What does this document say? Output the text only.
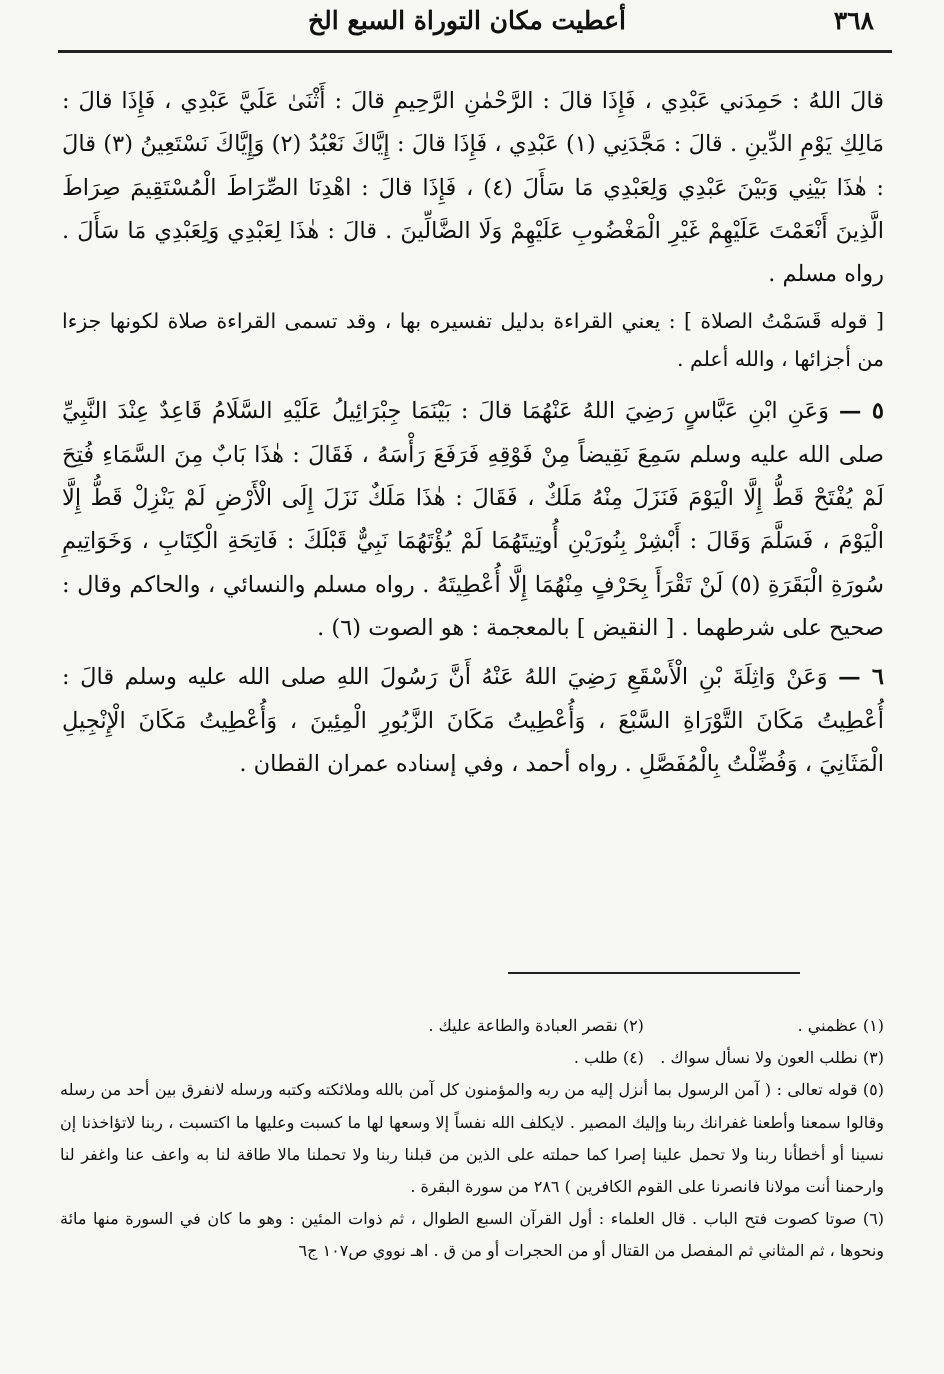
٣٦٨
أعطيت مكان التوراة السبع الخ

قالَ اللهُ : حَمِدَني عَبْدِي ، فَإِذَا قالَ : الرَّحْمٰنِ الرَّحِيمِ قالَ : أَثْنَىٰ عَلَيَّ عَبْدِي ، فَإِذَا قالَ : مَالِكِ يَوْمِ الدِّينِ . قالَ : مَجَّدَنِي (١) عَبْدِي ، فَإِذَا قالَ : إِيَّاكَ نَعْبُدُ (٢) وَإِيَّاكَ نَسْتَعِينُ (٣) قالَ : هٰذَا بَيْنِي وَبَيْنَ عَبْدِي وَلِعَبْدِي مَا سَأَلَ (٤) ، فَإِذَا قالَ : اهْدِنَا الصِّرَاطَ الْمُسْتَقِيمَ صِرَاطَ الَّذِينَ أَنْعَمْتَ عَلَيْهِمْ غَيْرِ الْمَغْضُوبِ عَلَيْهِمْ وَلَا الضَّالِّينَ . قالَ : هٰذَا لِعَبْدِي وَلِعَبْدِي مَا سَأَلَ . رواه مسلم .

[ قوله قَسَمْتُ الصلاة ] : يعني القراءة بدليل تفسيره بها ، وقد تسمى القراءة صلاة لكونها جزءا من أجزائها ، والله أعلم .

٥ — وَعَنِ ابْنِ عَبَّاسٍ رَضِيَ اللهُ عَنْهُمَا قالَ : بَيْنَمَا جِبْرَائِيلُ عَلَيْهِ السَّلَامُ قَاعِدٌ عِنْدَ النَّبِيِّ صلى الله عليه وسلم سَمِعَ نَقِيضاً مِنْ فَوْقِهِ فَرَفَعَ رَأْسَهُ ، فَقَالَ : هٰذَا بَابٌ مِنَ السَّمَاءِ فُتِحَ لَمْ يُفْتَحْ قَطُّ إِلَّا الْيَوْمَ فَنَزَلَ مِنْهُ مَلَكٌ ، فَقَالَ : هٰذَا مَلَكٌ نَزَلَ إِلَى الْأَرْضِ لَمْ يَنْزِلْ قَطُّ إِلَّا الْيَوْمَ ، فَسَلَّمَ وَقَالَ : أَبْشِرْ بِنُورَيْنِ أُوتِيتَهُمَا لَمْ يُؤْتَهُمَا نَبِيٌّ قَبْلَكَ : فَاتِحَةِ الْكِتَابِ ، وَخَوَاتِيمِ سُورَةِ الْبَقَرَةِ (٥) لَنْ تَقْرَأَ بِحَرْفٍ مِنْهُمَا إِلَّا أُعْطِيتَهُ . رواه مسلم والنسائي ، والحاكم وقال : صحيح على شرطهما . [ النقيض ] بالمعجمة : هو الصوت (٦) .

٦ — وَعَنْ وَاثِلَةَ بْنِ الْأَسْقَعِ رَضِيَ اللهُ عَنْهُ أَنَّ رَسُولَ اللهِ صلى الله عليه وسلم قالَ : أُعْطِيتُ مَكَانَ التَّوْرَاةِ السَّبْعَ ، وَأُعْطِيتُ مَكَانَ الزَّبُورِ الْمِئِينَ ، وَأُعْطِيتُ مَكَانَ الْإِنْجِيلِ الْمَثَانِيَ ، وَفُضِّلْتُ بِالْمُفَصَّلِ . رواه أحمد ، وفي إسناده عمران القطان .

(١) عظمني . (٢) نقصر العبادة والطاعة عليك .

(٣) نطلب العون ولا نسأل سواك . (٤) طلب .

(٥) قوله تعالى : ( آمن الرسول بما أنزل إليه من ربه والمؤمنون كل آمن بالله وملائكته وكتبه ورسله لانفرق بين أحد من رسله وقالوا سمعنا وأطعنا غفرانك ربنا وإليك المصير . لايكلف الله نفساً إلا وسعها لها ما كسبت وعليها ما اكتسبت ، ربنا لاتؤاخذنا إن نسينا أو أخطأنا ربنا ولا تحمل علينا إصرا كما حملته على الذين من قبلنا ربنا ولا تحملنا مالا طاقة لنا به واعف عنا واغفر لنا وارحمنا أنت مولانا فانصرنا على القوم الكافرين ) ٢٨٦ من سورة البقرة .

(٦) صوتا كصوت فتح الباب . قال العلماء : أول القرآن السبع الطوال ، ثم ذوات المئين : وهو ما كان في السورة منها مائة ونحوها ، ثم المثاني ثم المفصل من القتال أو من الحجرات أو من ق . اهـ نووي ص١٠٧ ج٦
